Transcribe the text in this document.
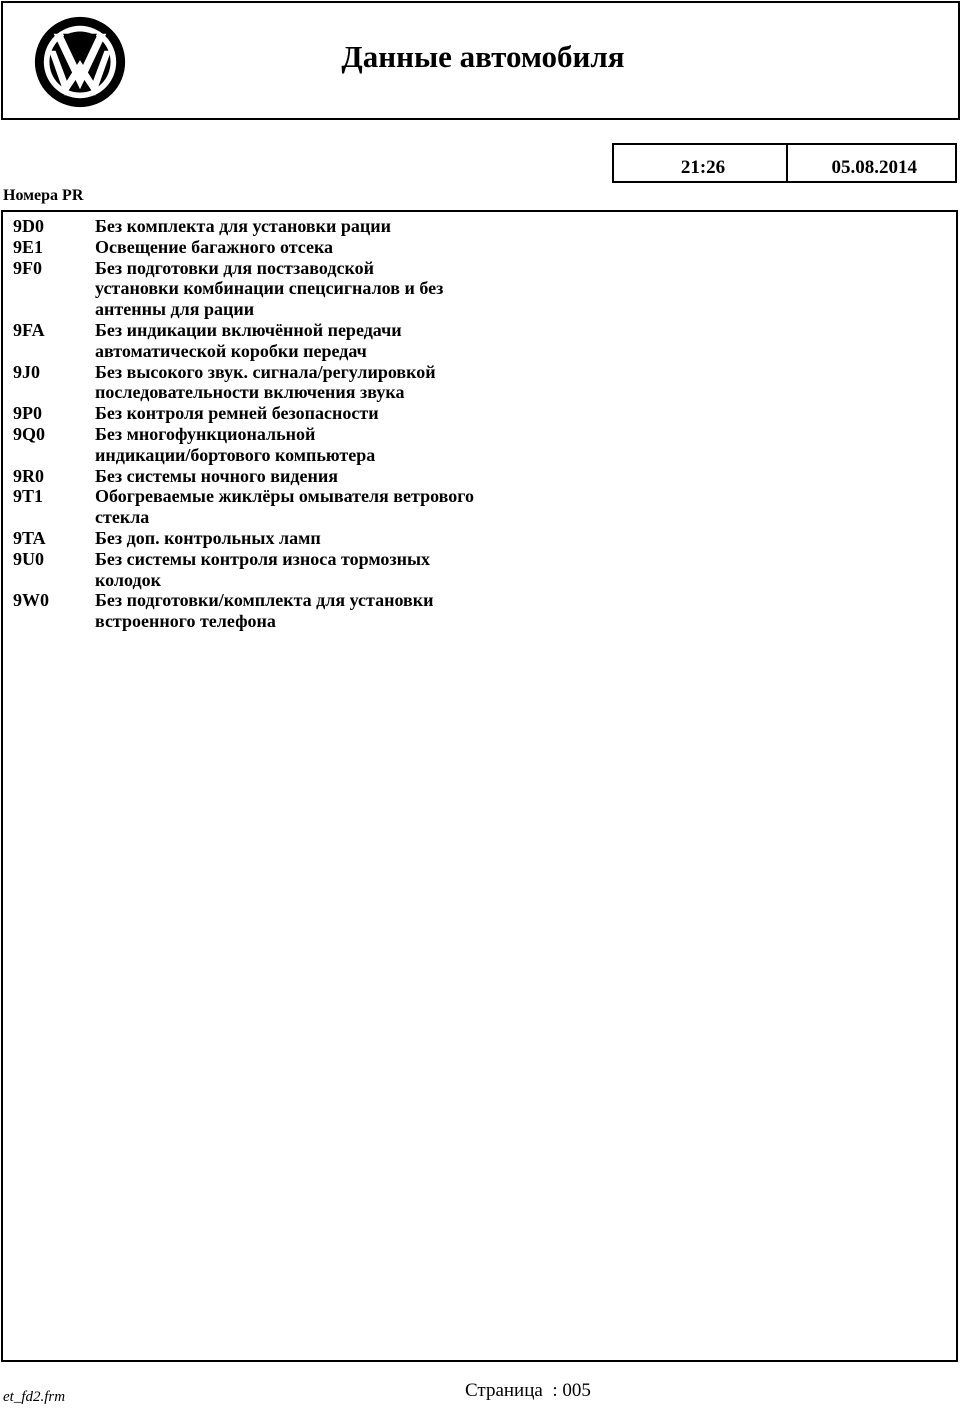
Данные автомобиля
21:26	05.08.2014
Номера PR
9D0	Без комплекта для установки рации
9E1	Освещение багажного отсека
9F0	Без подготовки для постзаводской
установки комбинации спецсигналов и без
антенны для рации
9FA	Без индикации включённой передачи
автоматической коробки передач
9J0	Без высокого звук. сигнала/регулировкой
последовательности включения звука
9P0	Без контроля ремней безопасности
9Q0	Без многофункциональной
индикации/бортового компьютера
9R0	Без системы ночного видения
9T1	Обогреваемые жиклёры омывателя ветрового
стекла
9TA	Без доп. контрольных ламп
9U0	Без системы контроля износа тормозных
колодок
9W0	Без подготовки/комплекта для установки
встроенного телефона
et_fd2.frm	Страница  : 005
